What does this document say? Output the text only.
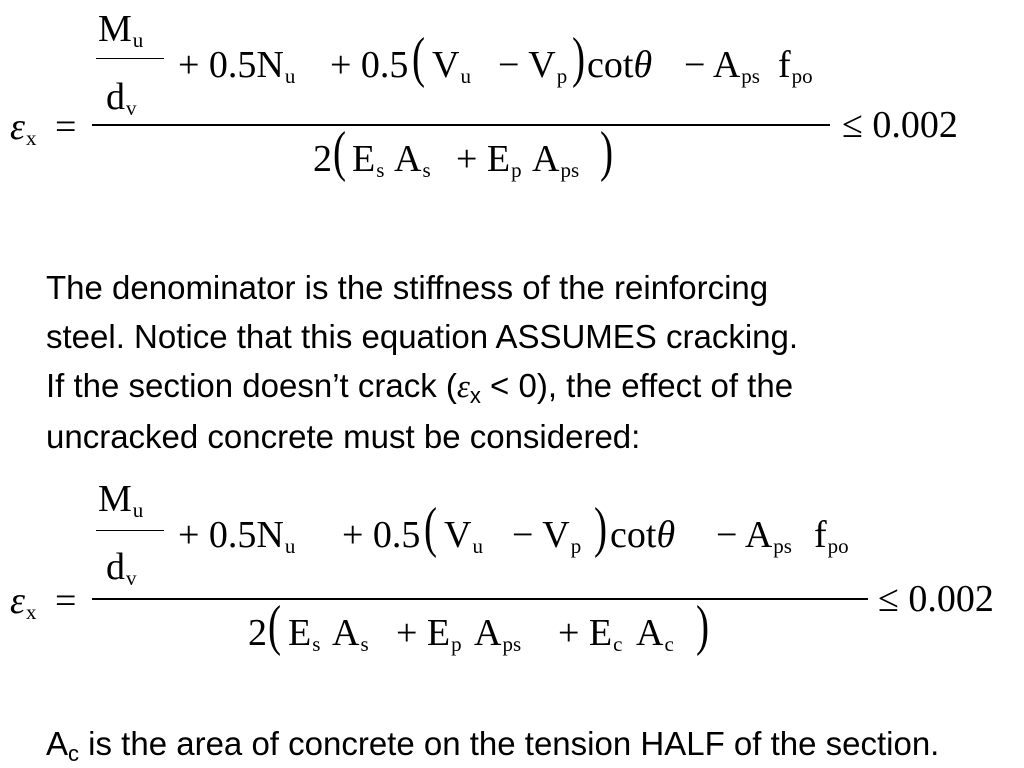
$\varepsilon_x$ =
$M_u$
$d_v$
+ $0.5N_u + 0.5$ ( $V_u - V_p$ ) $\cot\theta - A_{ps}$ $f_{po}$
2 ( $E_s$ $A_s + E_p$ $A_{ps}$ )	≤ 0.002

The denominator is the stiffness of the reinforcing
steel. Notice that this equation ASSUMES cracking.
If the section doesn’t crack $(\varepsilon_x < 0)$, the effect of the
uncracked concrete must be considered:

$\varepsilon_x$ =
$M_u$
$d_v$
+ $0.5N_u + 0.5$ ( $V_u - V_p$ ) $\cot\theta - A_{ps}$ $f_{po}$
2 ( $E_s$ $A_s + E_p$ $A_{ps} + E_c$ $A_c$ )	≤ 0.002

$A_c$ is the area of concrete on the tension HALF of the section.
